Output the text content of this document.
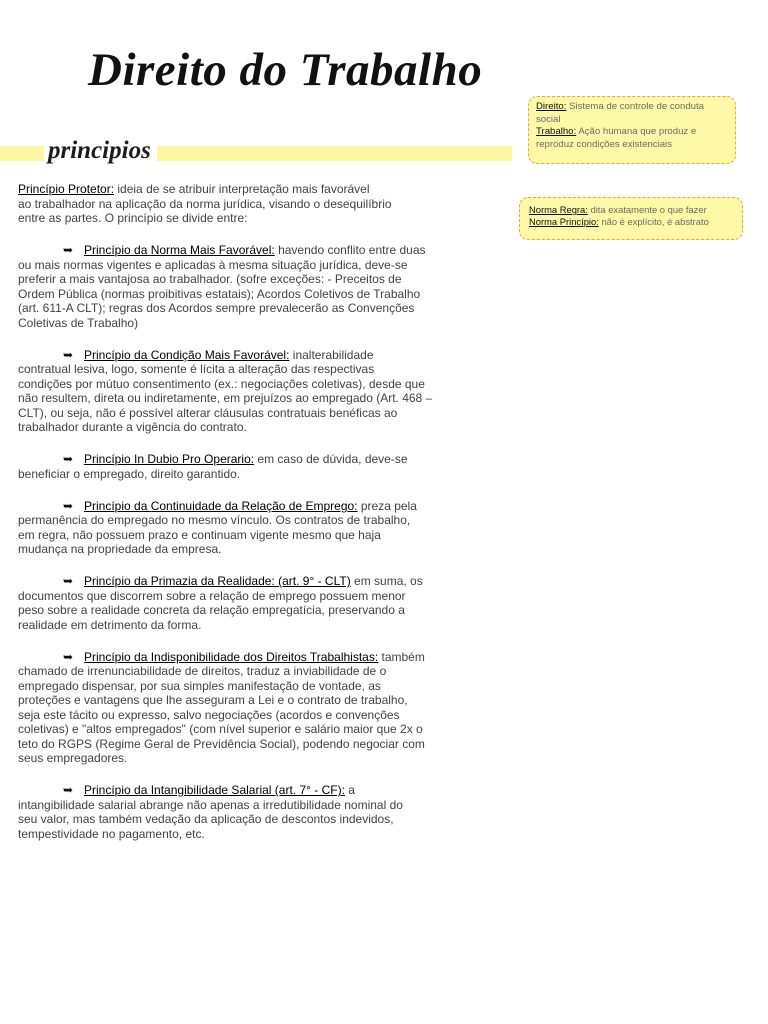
Direito do Trabalho
principios
Direito: Sistema de controle de conduta social
Trabalho: Ação humana que produz e reproduz condições existenciais
Norma Regra: dita exatamente o que fazer
Norma Princípio: não é explícito, é abstrato

Princípio Protetor: ideia de se atribuir interpretação mais favorável
ao trabalhador na aplicação da norma jurídica, visando o desequilíbrio
entre as partes. O princípio se divide entre:

➥Princípio da Norma Mais Favorável: havendo conflito entre duas
ou mais normas vigentes e aplicadas à mesma situação jurídica, deve-se
preferir a mais vantajosa ao trabalhador. (sofre exceções: - Preceitos de
Ordem Pública (normas proibitivas estatais); Acordos Coletivos de Trabalho
(art. 611-A CLT); regras dos Acordos sempre prevalecerão as Convenções
Coletivas de Trabalho)

➥Princípio da Condição Mais Favorável: inalterabilidade
contratual lesiva, logo, somente é lícita a alteração das respectivas
condições por mútuo consentimento (ex.: negociações coletivas), desde que
não resultem, direta ou indiretamente, em prejuízos ao empregado (Art. 468 –
CLT), ou seja, não é possível alterar cláusulas contratuais benéficas ao
trabalhador durante a vigência do contrato.

➥Princípio In Dubio Pro Operario: em caso de dúvida, deve-se
beneficiar o empregado, direito garantido.

➥Princípio da Continuidade da Relação de Emprego: preza pela
permanência do empregado no mesmo vínculo. Os contratos de trabalho,
em regra, não possuem prazo e continuam vigente mesmo que haja
mudança na propriedade da empresa.

➥Princípio da Primazia da Realidade: (art. 9° - CLT) em suma, os
documentos que discorrem sobre a relação de emprego possuem menor
peso sobre a realidade concreta da relação empregatícia, preservando a
realidade em detrimento da forma.

➥Princípio da Indisponibilidade dos Direitos Trabalhistas: também
chamado de irrenunciabilidade de direitos, traduz a inviabilidade de o
empregado dispensar, por sua simples manifestação de vontade, as
proteções e vantagens que lhe asseguram a Lei e o contrato de trabalho,
seja este tácito ou expresso, salvo negociações (acordos e convenções
coletivas) e "altos empregados" (com nível superior e salário maior que 2x o
teto do RGPS (Regime Geral de Previdência Social), podendo negociar com
seus empregadores.

➥Princípio da Intangibilidade Salarial (art. 7° - CF): a
intangibilidade salarial abrange não apenas a irredutibilidade nominal do
seu valor, mas também vedação da aplicação de descontos indevidos,
tempestividade no pagamento, etc.
